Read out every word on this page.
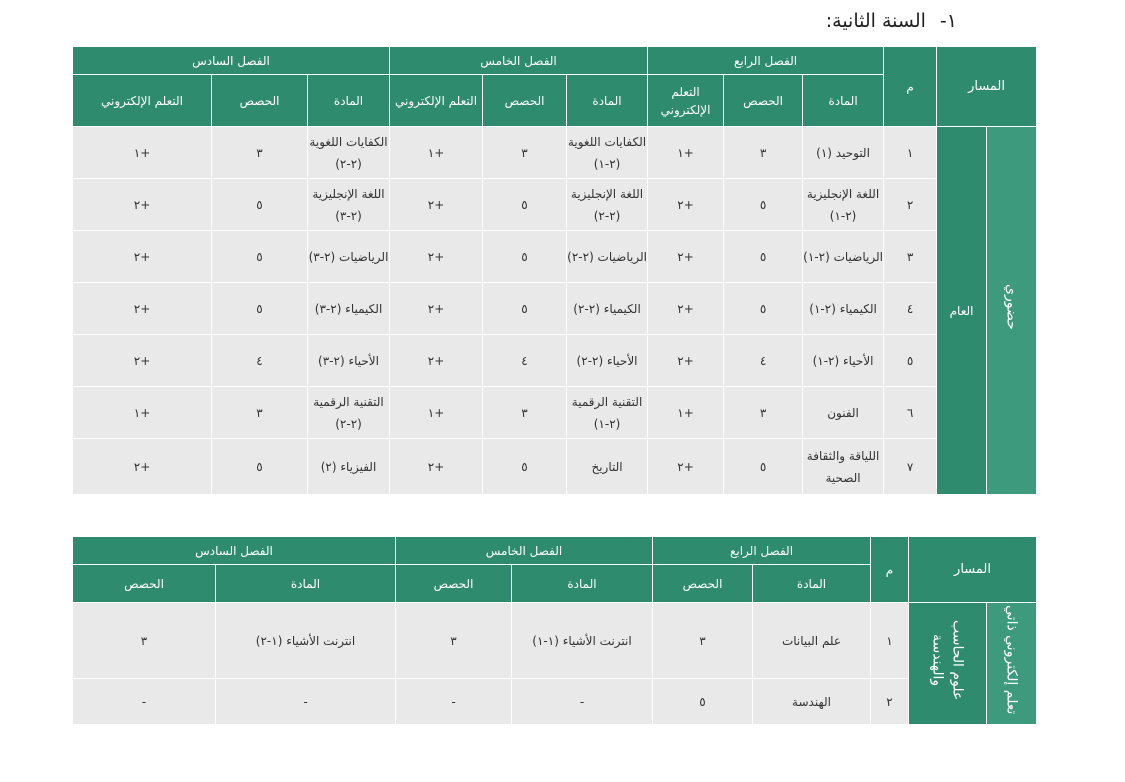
١-السنة الثانية:
المسار		م	الفصل الرابع			الفصل الخامس			الفصل السادس		
			المادة	الحصص	التعلم الإلكتروني	المادة	الحصص	التعلم الإلكتروني	المادة	الحصص	التعلم الإلكتروني
حضوري	العام	١	التوحيد (١)	٣	+١	الكفايات اللغوية (٢-١)	٣	+١	الكفايات اللغوية (٢-٢)	٣	+١
		٢	اللغة الإنجليزية (٢-١)	٥	+٢	اللغة الإنجليزية (٢-٢)	٥	+٢	اللغة الإنجليزية (٢-٣)	٥	+٢
		٣	الرياضيات (٢-١)	٥	+٢	الرياضيات (٢-٢)	٥	+٢	الرياضيات (٢-٣)	٥	+٢
		٤	الكيمياء (٢-١)	٥	+٢	الكيمياء (٢-٢)	٥	+٢	الكيمياء (٢-٣)	٥	+٢
		٥	الأحياء (٢-١)	٤	+٢	الأحياء (٢-٢)	٤	+٢	الأحياء (٢-٣)	٤	+٢
		٦	الفنون	٣	+١	التقنية الرقمية (٢-١)	٣	+١	التقنية الرقمية (٢-٢)	٣	+١
		٧	اللياقة والثقافة الصحية	٥	+٢	التاريخ	٥	+٢	الفيزياء (٢)	٥	+٢
المسار		م	الفصل الرابع		الفصل الخامس		الفصل السادس	
			المادة	الحصص	المادة	الحصص	المادة	الحصص
تعلم إلكتروني ذاتي	علوم الحاسب والهندسة	١	علم البيانات	٣	انترنت الأشياء (١-١)	٣	انترنت الأشياء (١-٢)	٣
		٢	الهندسة	٥	-	-	-	-
